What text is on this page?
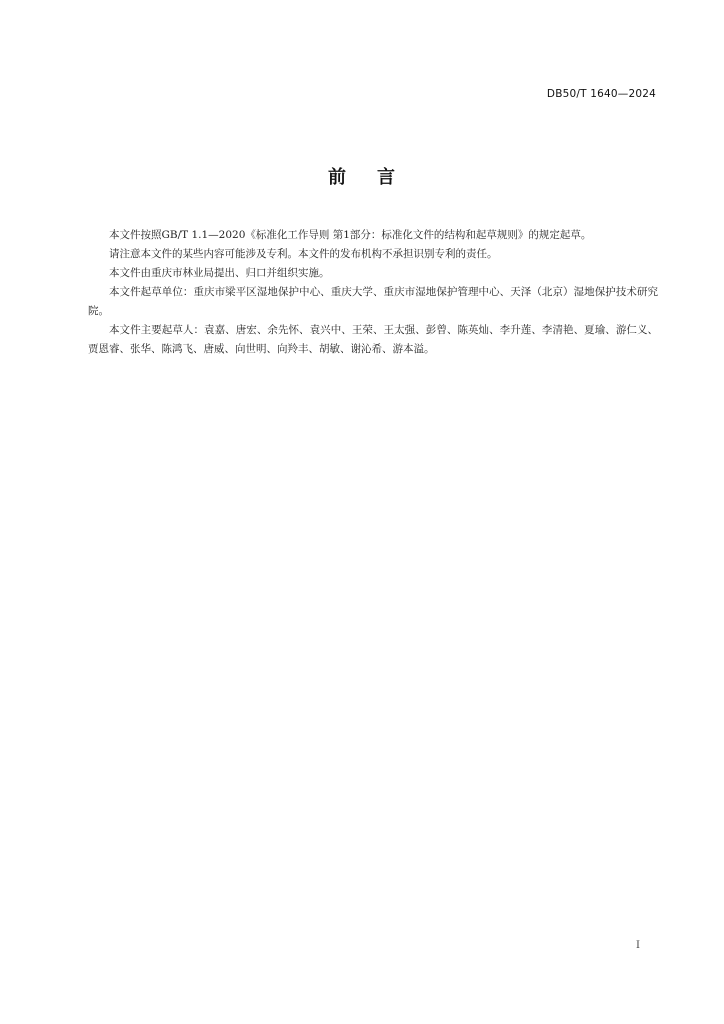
DB50/T 1640—2024
前 言

本文件按照GB/T 1.1—2020《标准化工作导则 第1部分：标准化文件的结构和起草规则》的规定起草。

请注意本文件的某些内容可能涉及专利。本文件的发布机构不承担识别专利的责任。

本文件由重庆市林业局提出、归口并组织实施。

本文件起草单位：重庆市梁平区湿地保护中心、重庆大学、重庆市湿地保护管理中心、天泽（北京）湿地保护技术研究院。

本文件主要起草人：袁嘉、唐宏、余先怀、袁兴中、王荣、王太强、彭曾、陈英灿、李升莲、李清艳、夏瑜、游仁义、贾恩睿、张华、陈鸿飞、唐威、向世明、向羚丰、胡敏、谢沁希、游本溢。

I
